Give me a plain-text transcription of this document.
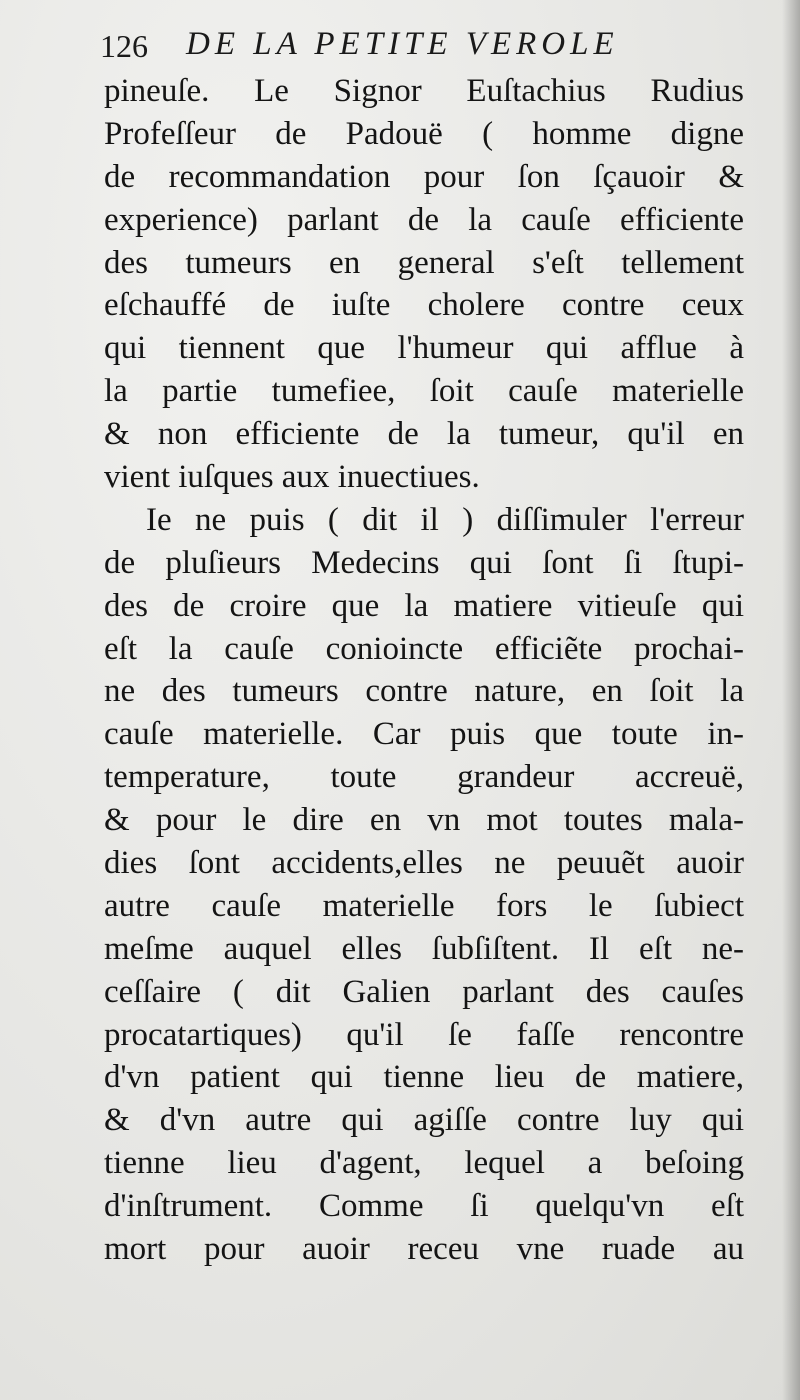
126 DE LA PETITE VEROLE
pineuſe. Le Signor Euſtachius Rudius
Profeſſeur de Padouë ( homme digne
de recommandation pour ſon ſçauoir &
experience) parlant de la cauſe efficiente
des tumeurs en general s'eſt tellement
eſchauffé de iuſte cholere contre ceux
qui tiennent que l'humeur qui afflue à
la partie tumefiee, ſoit cauſe materielle
& non efficiente de la tumeur, qu'il en
vient iuſques aux inuectiues.
Ie ne puis ( dit il ) diſſimuler l'erreur
de pluſieurs Medecins qui ſont ſi ſtupi-
des de croire que la matiere vitieuſe qui
eſt la cauſe conioincte efficiẽte prochai-
ne des tumeurs contre nature, en ſoit la
cauſe materielle. Car puis que toute in-
temperature, toute grandeur accreuë,
& pour le dire en vn mot toutes mala-
dies ſont accidents,elles ne peuuẽt auoir
autre cauſe materielle fors le ſubiect
meſme auquel elles ſubſiſtent. Il eſt ne-
ceſſaire ( dit Galien parlant des cauſes
procatartiques) qu'il ſe faſſe rencontre
d'vn patient qui tienne lieu de matiere,
& d'vn autre qui agiſſe contre luy qui
tienne lieu d'agent, lequel a beſoing
d'inſtrument. Comme ſi quelqu'vn eſt
mort pour auoir receu vne ruade au
